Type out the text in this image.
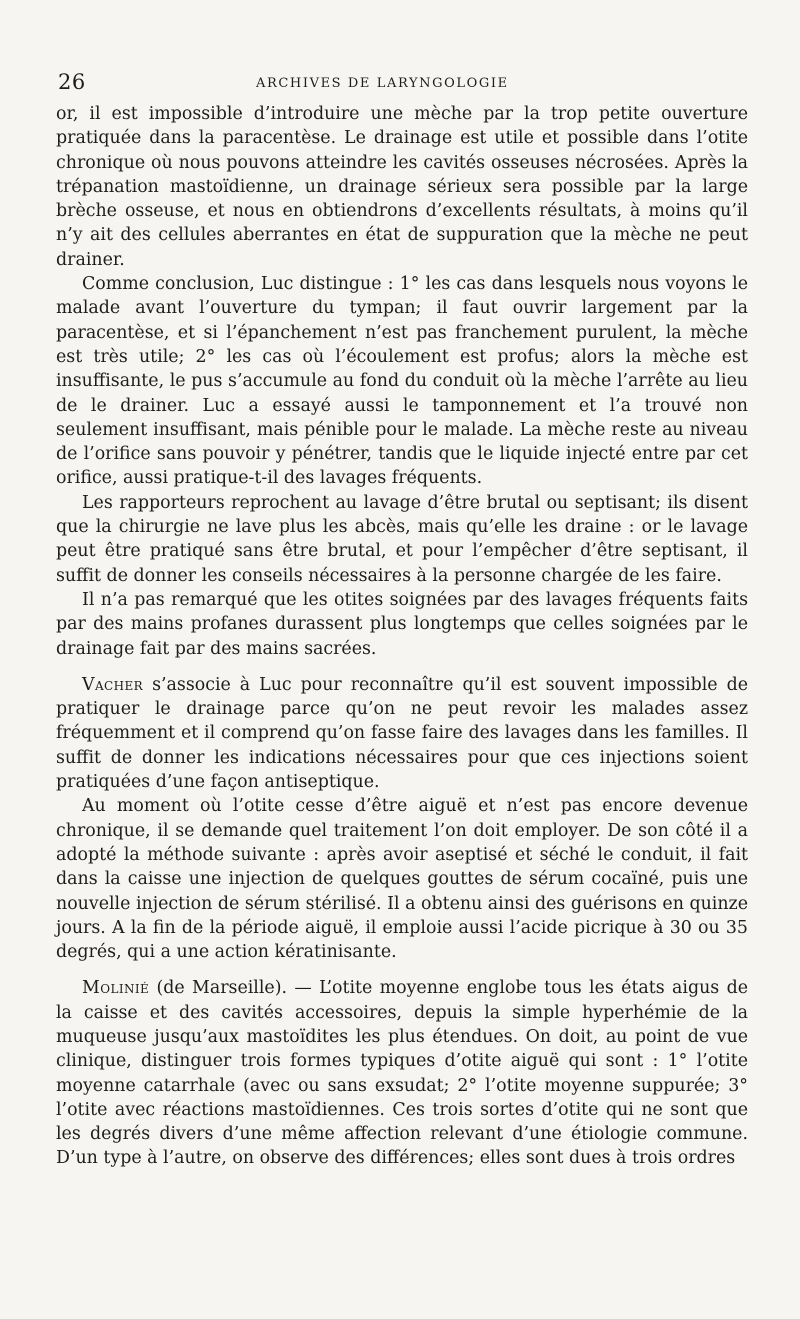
26	ARCHIVES DE LARYNGOLOGIE

or, il est impossible d’introduire une mèche par la trop petite ouverture pratiquée dans la paracentèse. Le drainage est utile et possible dans l’otite chronique où nous pouvons atteindre les cavités osseuses nécrosées. Après la trépanation mastoïdienne, un drainage sérieux sera possible par la large brèche osseuse, et nous en obtiendrons d’excellents résultats, à moins qu’il n’y ait des cellules aberrantes en état de suppuration que la mèche ne peut drainer.

Comme conclusion, Luc distingue : 1° les cas dans lesquels nous voyons le malade avant l’ouverture du tympan; il faut ouvrir largement par la paracentèse, et si l’épanchement n’est pas franchement purulent, la mèche est très utile; 2° les cas où l’écoulement est profus; alors la mèche est insuffisante, le pus s’accumule au fond du conduit où la mèche l’arrête au lieu de le drainer. Luc a essayé aussi le tamponnement et l’a trouvé non seulement insuffisant, mais pénible pour le malade. La mèche reste au niveau de l’orifice sans pouvoir y pénétrer, tandis que le liquide injecté entre par cet orifice, aussi pratique-t-il des lavages fréquents.

Les rapporteurs reprochent au lavage d’être brutal ou septisant; ils disent que la chirurgie ne lave plus les abcès, mais qu’elle les draine : or le lavage peut être pratiqué sans être brutal, et pour l’empêcher d’être septisant, il suffit de donner les conseils nécessaires à la personne chargée de les faire.

Il n’a pas remarqué que les otites soignées par des lavages fréquents faits par des mains profanes durassent plus longtemps que celles soignées par le drainage fait par des mains sacrées.

Vacher s’associe à Luc pour reconnaître qu’il est souvent impossible de pratiquer le drainage parce qu’on ne peut revoir les malades assez fréquemment et il comprend qu’on fasse faire des lavages dans les familles. Il suffit de donner les indications nécessaires pour que ces injections soient pratiquées d’une façon antiseptique.

Au moment où l’otite cesse d’être aiguë et n’est pas encore devenue chronique, il se demande quel traitement l’on doit employer. De son côté il a adopté la méthode suivante : après avoir aseptisé et séché le conduit, il fait dans la caisse une injection de quelques gouttes de sérum cocaïné, puis une nouvelle injection de sérum stérilisé. Il a obtenu ainsi des guérisons en quinze jours. A la fin de la période aiguë, il emploie aussi l’acide picrique à 30 ou 35 degrés, qui a une action kératinisante.

Molinié (de Marseille). — L’otite moyenne englobe tous les états aigus de la caisse et des cavités accessoires, depuis la simple hyperhémie de la muqueuse jusqu’aux mastoïdites les plus étendues. On doit, au point de vue clinique, distinguer trois formes typiques d’otite aiguë qui sont : 1° l’otite moyenne catarrhale (avec ou sans exsudat; 2° l’otite moyenne suppurée; 3° l’otite avec réactions mastoïdiennes. Ces trois sortes d’otite qui ne sont que les degrés divers d’une même affection relevant d’une étiologie commune. D’un type à l’autre, on observe des différences; elles sont dues à trois ordres
